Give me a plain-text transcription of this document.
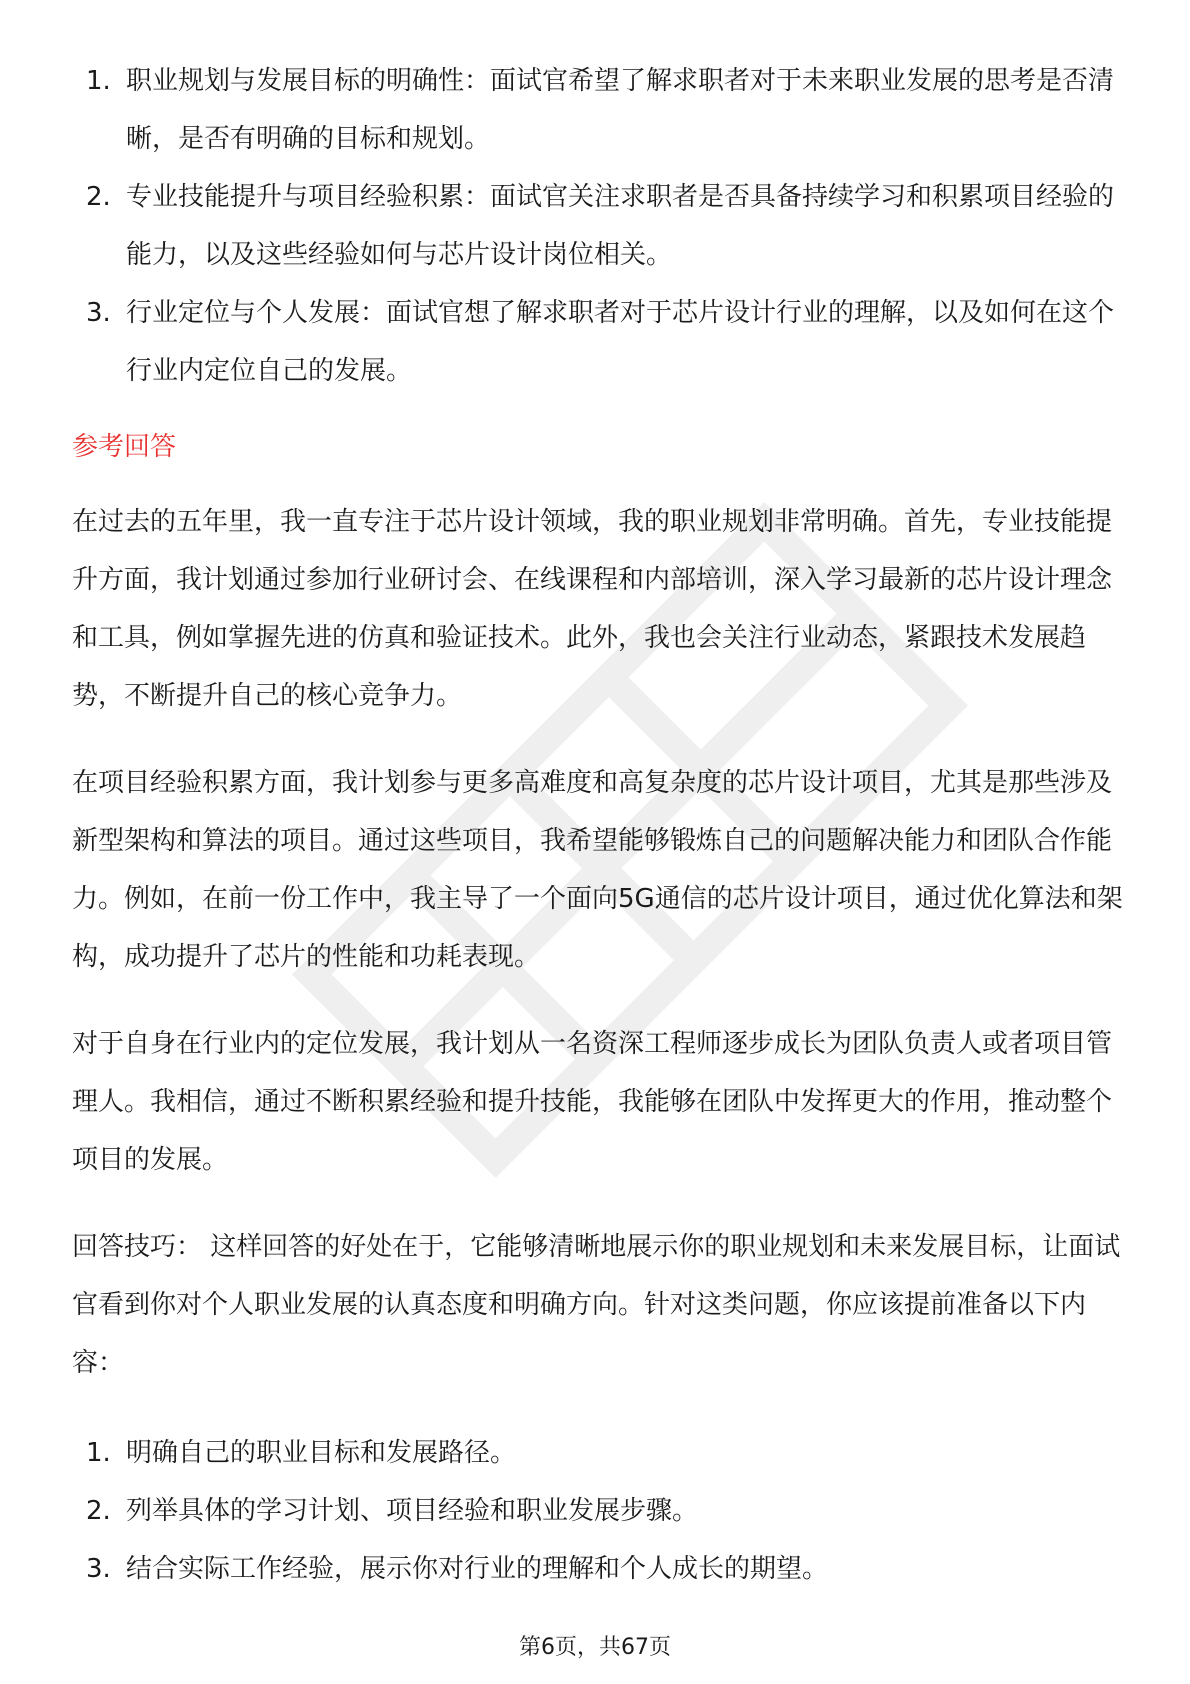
1. 职业规划与发展目标的明确性：面试官希望了解求职者对于未来职业发展的思考是否清晰，是否有明确的目标和规划。
2. 专业技能提升与项目经验积累：面试官关注求职者是否具备持续学习和积累项目经验的能力，以及这些经验如何与芯片设计岗位相关。
3. 行业定位与个人发展：面试官想了解求职者对于芯片设计行业的理解，以及如何在这个行业内定位自己的发展。
参考回答

在过去的五年里，我一直专注于芯片设计领域，我的职业规划非常明确。首先，专业技能提升方面，我计划通过参加行业研讨会、在线课程和内部培训，深入学习最新的芯片设计理念和工具，例如掌握先进的仿真和验证技术。此外，我也会关注行业动态，紧跟技术发展趋势，不断提升自己的核心竞争力。

在项目经验积累方面，我计划参与更多高难度和高复杂度的芯片设计项目，尤其是那些涉及新型架构和算法的项目。通过这些项目，我希望能够锻炼自己的问题解决能力和团队合作能力。例如，在前一份工作中，我主导了一个面向5G通信的芯片设计项目，通过优化算法和架构，成功提升了芯片的性能和功耗表现。

对于自身在行业内的定位发展，我计划从一名资深工程师逐步成长为团队负责人或者项目管理人。我相信，通过不断积累经验和提升技能，我能够在团队中发挥更大的作用，推动整个项目的发展。

回答技巧： 这样回答的好处在于，它能够清晰地展示你的职业规划和未来发展目标，让面试官看到你对个人职业发展的认真态度和明确方向。针对这类问题，你应该提前准备以下内容：

1. 明确自己的职业目标和发展路径。
2. 列举具体的学习计划、项目经验和职业发展步骤。
3. 结合实际工作经验，展示你对行业的理解和个人成长的期望。
第6页，共67页
